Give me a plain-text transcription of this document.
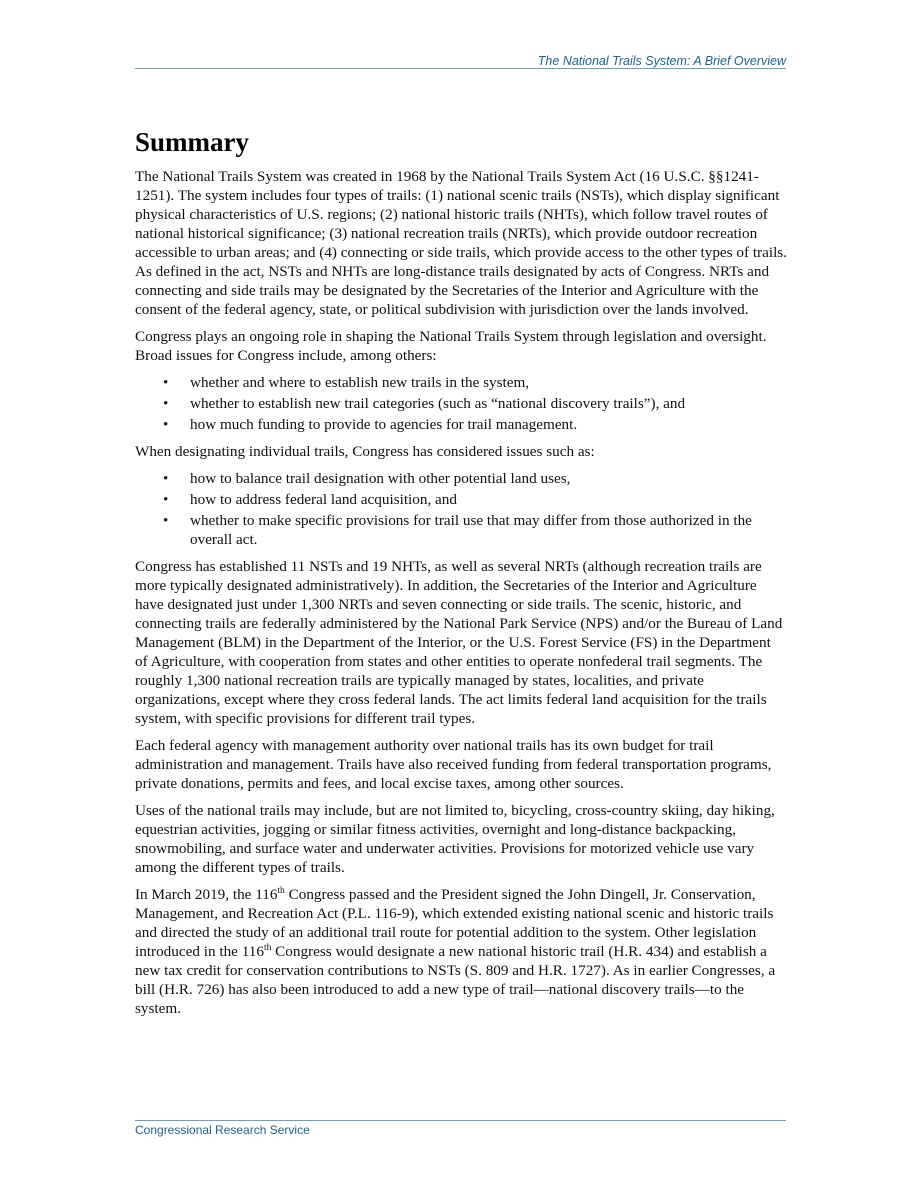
The National Trails System: A Brief Overview
Summary

The National Trails System was created in 1968 by the National Trails System Act (16 U.S.C. §§1241-1251). The system includes four types of trails: (1) national scenic trails (NSTs), which display significant physical characteristics of U.S. regions; (2) national historic trails (NHTs), which follow travel routes of national historical significance; (3) national recreation trails (NRTs), which provide outdoor recreation accessible to urban areas; and (4) connecting or side trails, which provide access to the other types of trails. As defined in the act, NSTs and NHTs are long-distance trails designated by acts of Congress. NRTs and connecting and side trails may be designated by the Secretaries of the Interior and Agriculture with the consent of the federal agency, state, or political subdivision with jurisdiction over the lands involved.

Congress plays an ongoing role in shaping the National Trails System through legislation and oversight. Broad issues for Congress include, among others:

• whether and where to establish new trails in the system,
• whether to establish new trail categories (such as “national discovery trails”), and
• how much funding to provide to agencies for trail management.

When designating individual trails, Congress has considered issues such as:

• how to balance trail designation with other potential land uses,
• how to address federal land acquisition, and
• whether to make specific provisions for trail use that may differ from those authorized in the overall act.

Congress has established 11 NSTs and 19 NHTs, as well as several NRTs (although recreation trails are more typically designated administratively). In addition, the Secretaries of the Interior and Agriculture have designated just under 1,300 NRTs and seven connecting or side trails. The scenic, historic, and connecting trails are federally administered by the National Park Service (NPS) and/or the Bureau of Land Management (BLM) in the Department of the Interior, or the U.S. Forest Service (FS) in the Department of Agriculture, with cooperation from states and other entities to operate nonfederal trail segments. The roughly 1,300 national recreation trails are typically managed by states, localities, and private organizations, except where they cross federal lands. The act limits federal land acquisition for the trails system, with specific provisions for different trail types.

Each federal agency with management authority over national trails has its own budget for trail administration and management. Trails have also received funding from federal transportation programs, private donations, permits and fees, and local excise taxes, among other sources.

Uses of the national trails may include, but are not limited to, bicycling, cross-country skiing, day hiking, equestrian activities, jogging or similar fitness activities, overnight and long-distance backpacking, snowmobiling, and surface water and underwater activities. Provisions for motorized vehicle use vary among the different types of trails.

In March 2019, the 116th Congress passed and the President signed the John Dingell, Jr. Conservation, Management, and Recreation Act (P.L. 116-9), which extended existing national scenic and historic trails and directed the study of an additional trail route for potential addition to the system. Other legislation introduced in the 116th Congress would designate a new national historic trail (H.R. 434) and establish a new tax credit for conservation contributions to NSTs (S. 809 and H.R. 1727). As in earlier Congresses, a bill (H.R. 726) has also been introduced to add a new type of trail—national discovery trails—to the system.

Congressional Research Service
